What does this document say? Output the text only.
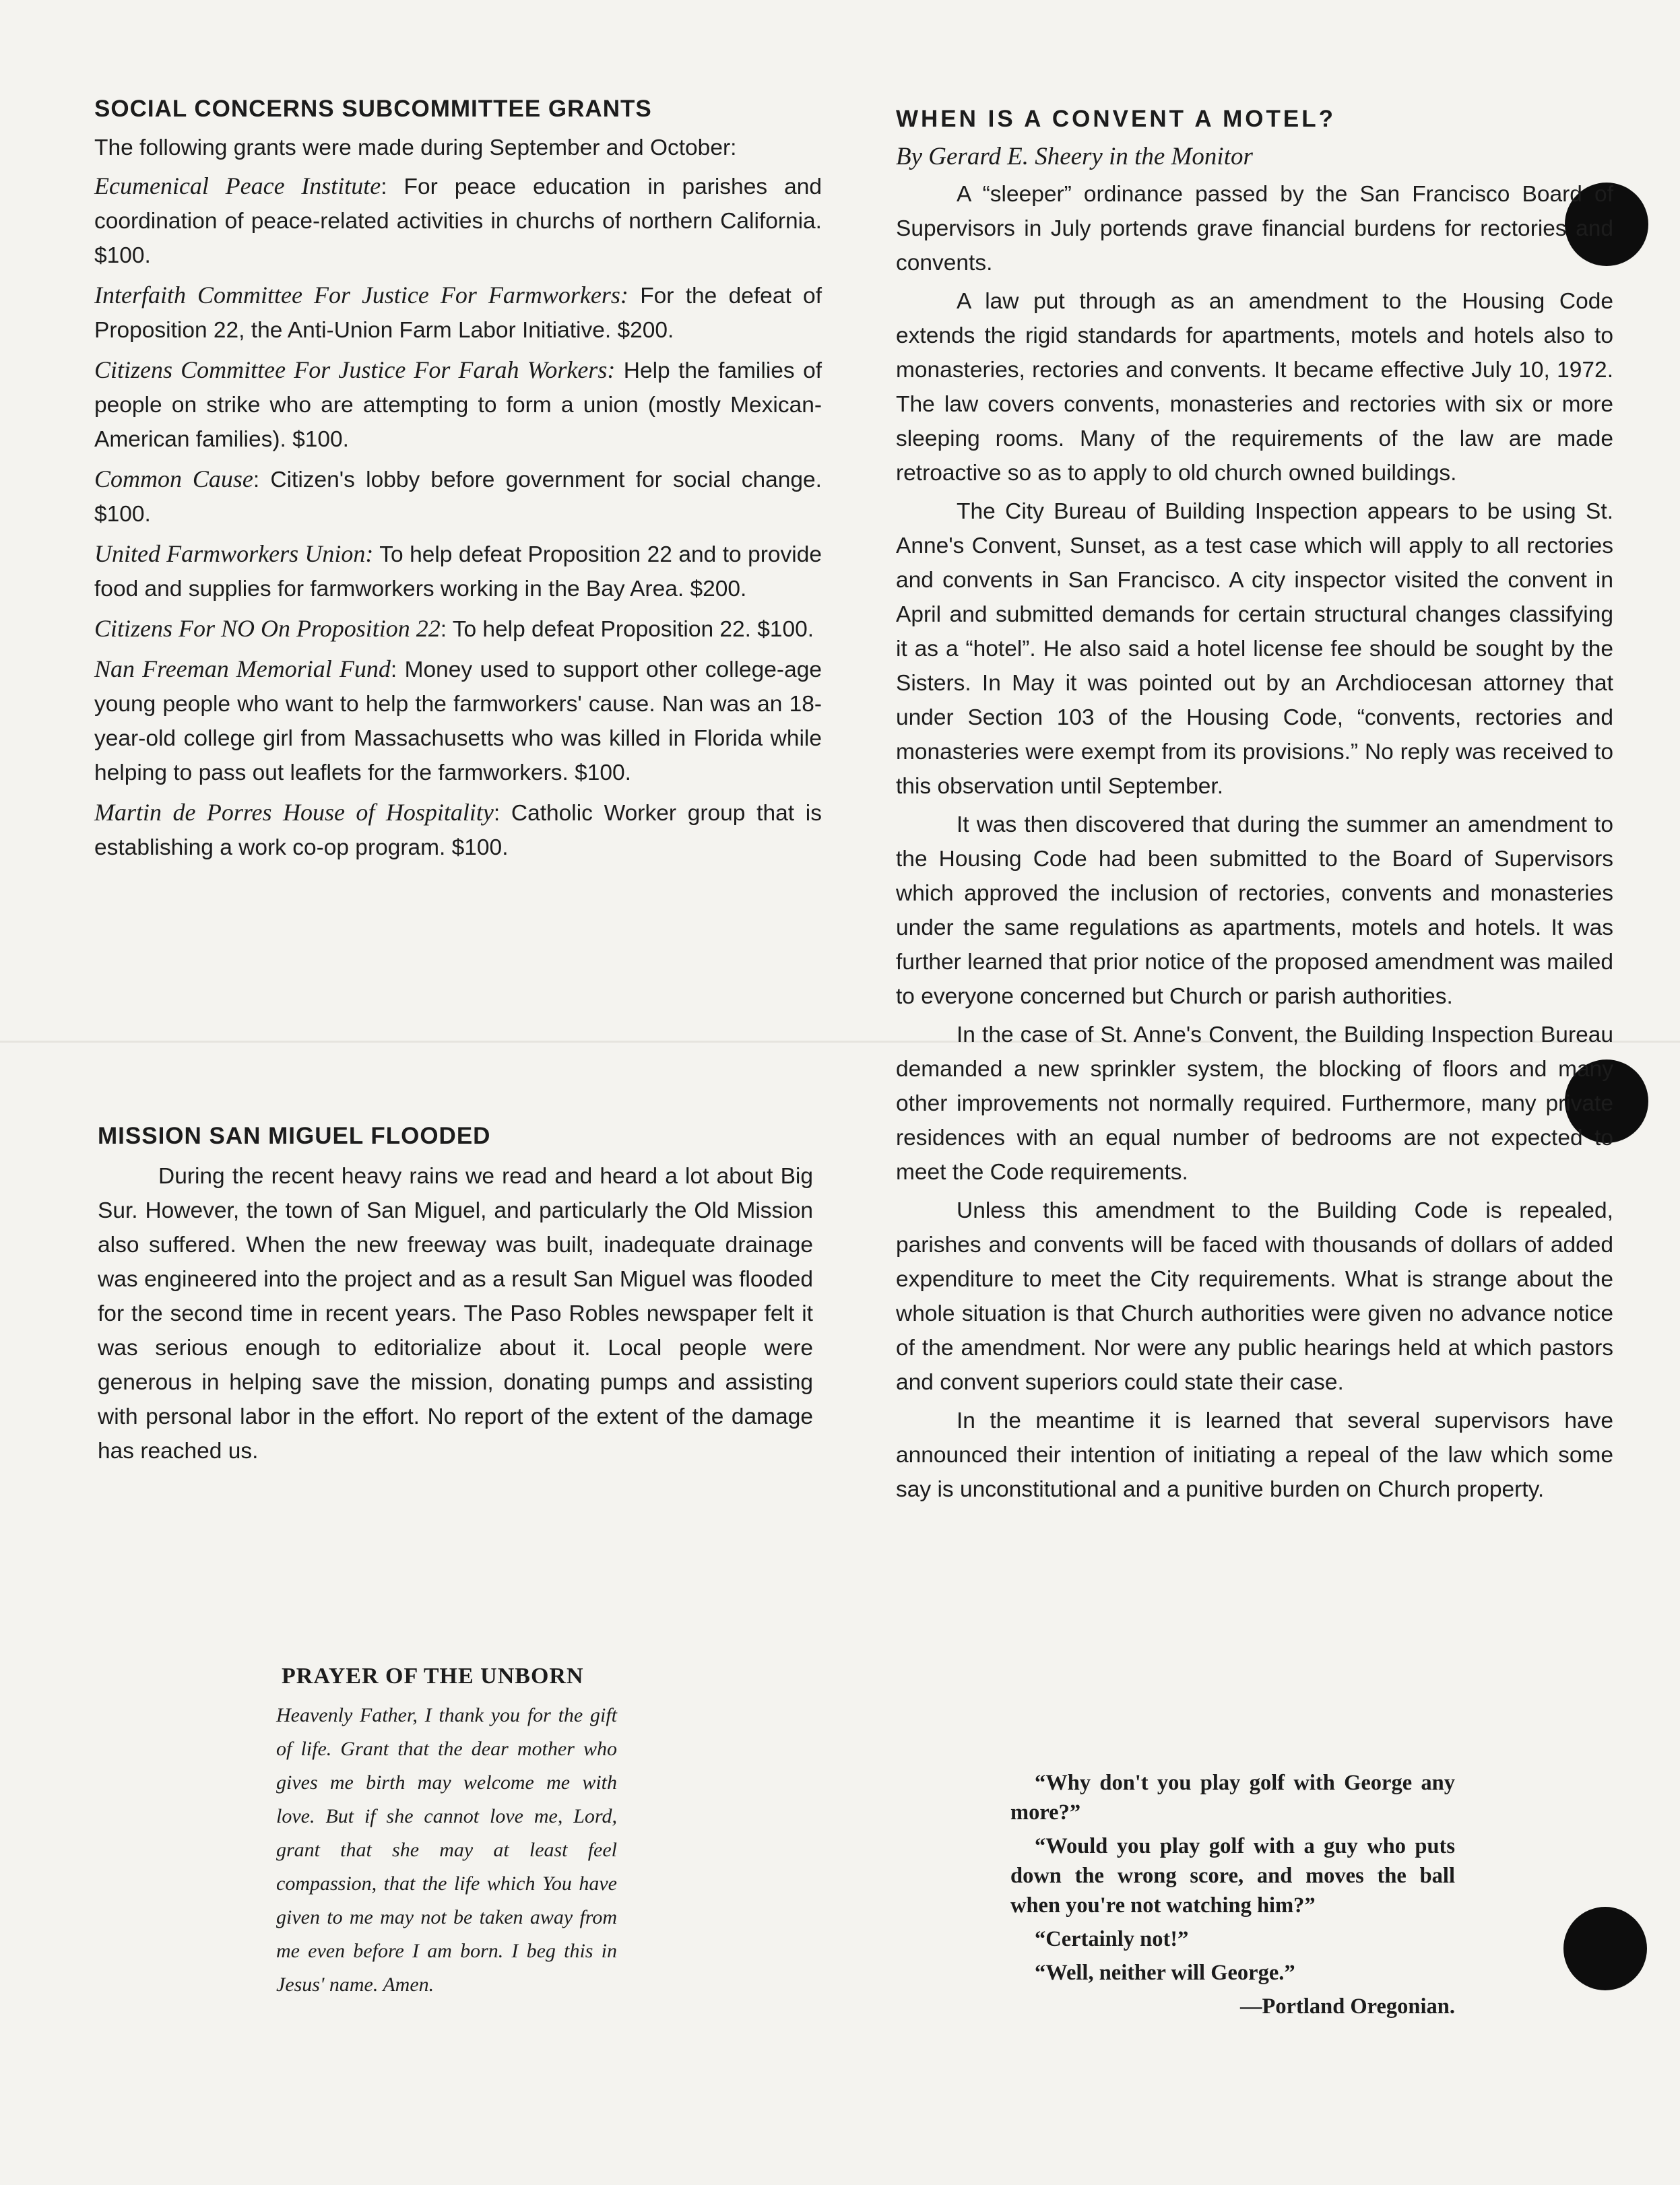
SOCIAL CONCERNS SUBCOMMITTEE GRANTS

The following grants were made during September and October:

Ecumenical Peace Institute: For peace education in parishes and coordination of peace-related activities in churchs of northern California. $100.

Interfaith Committee For Justice For Farmworkers: For the defeat of Proposition 22, the Anti-Union Farm Labor Initiative. $200.

Citizens Committee For Justice For Farah Workers: Help the families of people on strike who are attempting to form a union (mostly Mexican-American families). $100.

Common Cause: Citizen's lobby before government for social change. $100.

United Farmworkers Union: To help defeat Proposition 22 and to provide food and supplies for farmworkers working in the Bay Area. $200.

Citizens For NO On Proposition 22: To help defeat Proposition 22. $100.

Nan Freeman Memorial Fund: Money used to support other college-age young people who want to help the farmworkers' cause. Nan was an 18-year-old college girl from Massachusetts who was killed in Florida while helping to pass out leaflets for the farmworkers. $100.

Martin de Porres House of Hospitality: Catholic Worker group that is establishing a work co-op program. $100.

MISSION SAN MIGUEL FLOODED

During the recent heavy rains we read and heard a lot about Big Sur. However, the town of San Miguel, and particularly the Old Mission also suffered. When the new freeway was built, inadequate drainage was engineered into the project and as a result San Miguel was flooded for the second time in recent years. The Paso Robles newspaper felt it was serious enough to editorialize about it. Local people were generous in helping save the mission, donating pumps and assisting with personal labor in the effort. No report of the extent of the damage has reached us.

PRAYER OF THE UNBORN

Heavenly Father, I thank you for the gift of life. Grant that the dear mother who gives me birth may welcome me with love. But if she cannot love me, Lord, grant that she may at least feel compassion, that the life which You have given to me may not be taken away from me even before I am born. I beg this in Jesus' name. Amen.

WHEN IS A CONVENT A MOTEL?
By Gerard E. Sheery in the Monitor

A “sleeper” ordinance passed by the San Francisco Board of Supervisors in July portends grave financial burdens for rectories and convents.

A law put through as an amendment to the Housing Code extends the rigid standards for apartments, motels and hotels also to monasteries, rectories and convents. It became effective July 10, 1972. The law covers convents, monasteries and rectories with six or more sleeping rooms. Many of the requirements of the law are made retroactive so as to apply to old church owned buildings.

The City Bureau of Building Inspection appears to be using St. Anne's Convent, Sunset, as a test case which will apply to all rectories and convents in San Francisco. A city inspector visited the convent in April and submitted demands for certain structural changes classifying it as a “hotel”. He also said a hotel license fee should be sought by the Sisters. In May it was pointed out by an Archdiocesan attorney that under Section 103 of the Housing Code, “convents, rectories and monasteries were exempt from its provisions.” No reply was received to this observation until September.

It was then discovered that during the summer an amendment to the Housing Code had been submitted to the Board of Supervisors which approved the inclusion of rectories, convents and monasteries under the same regulations as apartments, motels and hotels. It was further learned that prior notice of the proposed amendment was mailed to everyone concerned but Church or parish authorities.

In the case of St. Anne's Convent, the Building Inspection Bureau demanded a new sprinkler system, the blocking of floors and many other improvements not normally required. Furthermore, many private residences with an equal number of bedrooms are not expected to meet the Code requirements.

Unless this amendment to the Building Code is repealed, parishes and convents will be faced with thousands of dollars of added expenditure to meet the City requirements. What is strange about the whole situation is that Church authorities were given no advance notice of the amendment. Nor were any public hearings held at which pastors and convent superiors could state their case.

In the meantime it is learned that several supervisors have announced their intention of initiating a repeal of the law which some say is unconstitutional and a punitive burden on Church property.

“Why don't you play golf with George any more?”
“Would you play golf with a guy who puts down the wrong score, and moves the ball when you're not watching him?”
“Certainly not!”
“Well, neither will George.”
—Portland Oregonian.
